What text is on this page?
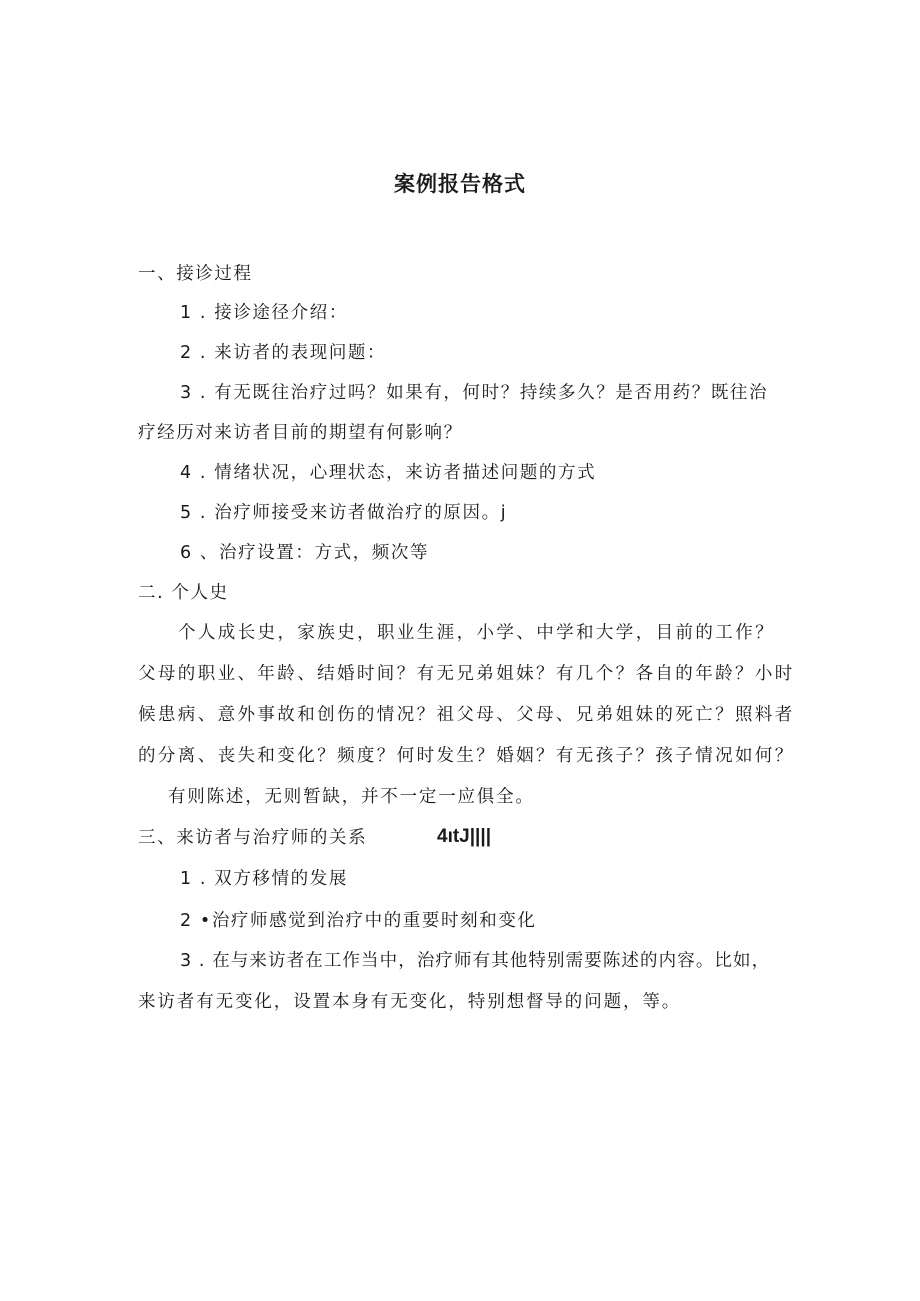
案例报告格式
一、接诊过程
1 . 接诊途径介绍：
2 . 来访者的表现问题：
3 . 有无既往治疗过吗？如果有，何时？持续多久？是否用药？既往治
疗经历对来访者目前的期望有何影响？
4 . 情绪状况，心理状态，来访者描述问题的方式
5 . 治疗师接受来访者做治疗的原因。j
6 、治疗设置：方式，频次等
二. 个人史
个人成长史，家族史，职业生涯，小学、中学和大学，目前的工作？
父母的职业、年龄、结婚时间？有无兄弟姐妹？有几个？各自的年龄？小时
候患病、意外事故和创伤的情况？祖父母、父母、兄弟姐妹的死亡？照料者
的分离、丧失和变化？频度？何时发生？婚姻？有无孩子？孩子情况如何？
有则陈述，无则暂缺，并不一定一应俱全。
三、来访者与治疗师的关系	4ıtJ||||
1 . 双方移情的发展
2 •治疗师感觉到治疗中的重要时刻和变化
3 . 在与来访者在工作当中，治疗师有其他特别需要陈述的内容。比如，
来访者有无变化，设置本身有无变化，特别想督导的问题，等。
